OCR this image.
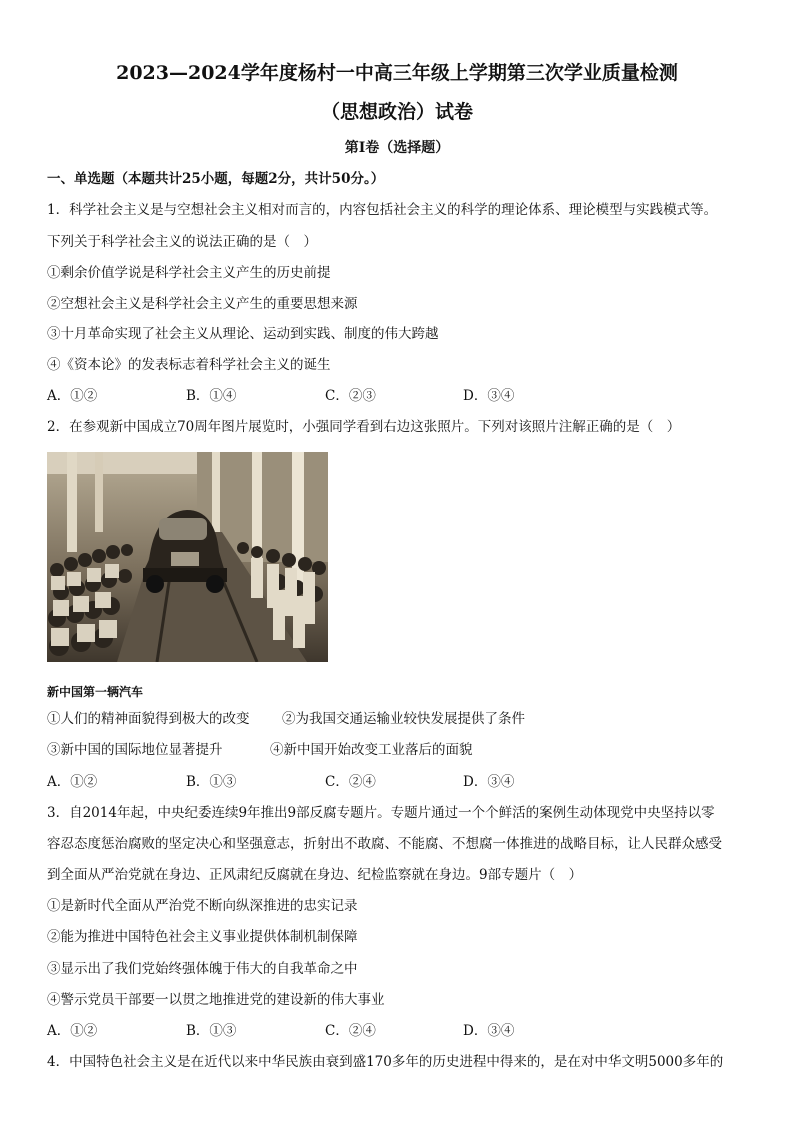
2023—2024学年度杨村一中高三年级上学期第三次学业质量检测
（思想政治）试卷
第Ⅰ卷（选择题）
一、单选题（本题共计25小题，每题2分，共计50分。）
1．科学社会主义是与空想社会主义相对而言的，内容包括社会主义的科学的理论体系、理论模型与实践模式等。
下列关于科学社会主义的说法正确的是（　）
①剩余价值学说是科学社会主义产生的历史前提
②空想社会主义是科学社会主义产生的重要思想来源
③十月革命实现了社会主义从理论、运动到实践、制度的伟大跨越
④《资本论》的发表标志着科学社会主义的诞生
A．①②	B．①④	C．②③	D．③④
2．在参观新中国成立70周年图片展览时，小强同学看到右边这张照片。下列对该照片注解正确的是（　）
新中国第一辆汽车
①人们的精神面貌得到极大的改变 ②为我国交通运输业较快发展提供了条件
③新中国的国际地位显著提升	④新中国开始改变工业落后的面貌
A．①②	B．①③	C．②④	D．③④
3．自2014年起，中央纪委连续9年推出9部反腐专题片。专题片通过一个个鲜活的案例生动体现党中央坚持以零
容忍态度惩治腐败的坚定决心和坚强意志，折射出不敢腐、不能腐、不想腐一体推进的战略目标，让人民群众感受
到全面从严治党就在身边、正风肃纪反腐就在身边、纪检监察就在身边。9部专题片（　）
①是新时代全面从严治党不断向纵深推进的忠实记录
②能为推进中国特色社会主义事业提供体制机制保障
③显示出了我们党始终强体魄于伟大的自我革命之中
④警示党员干部要一以贯之地推进党的建设新的伟大事业
A．①②	B．①③	C．②④	D．③④
4．中国特色社会主义是在近代以来中华民族由衰到盛170多年的历史进程中得来的，是在对中华文明5000多年的
